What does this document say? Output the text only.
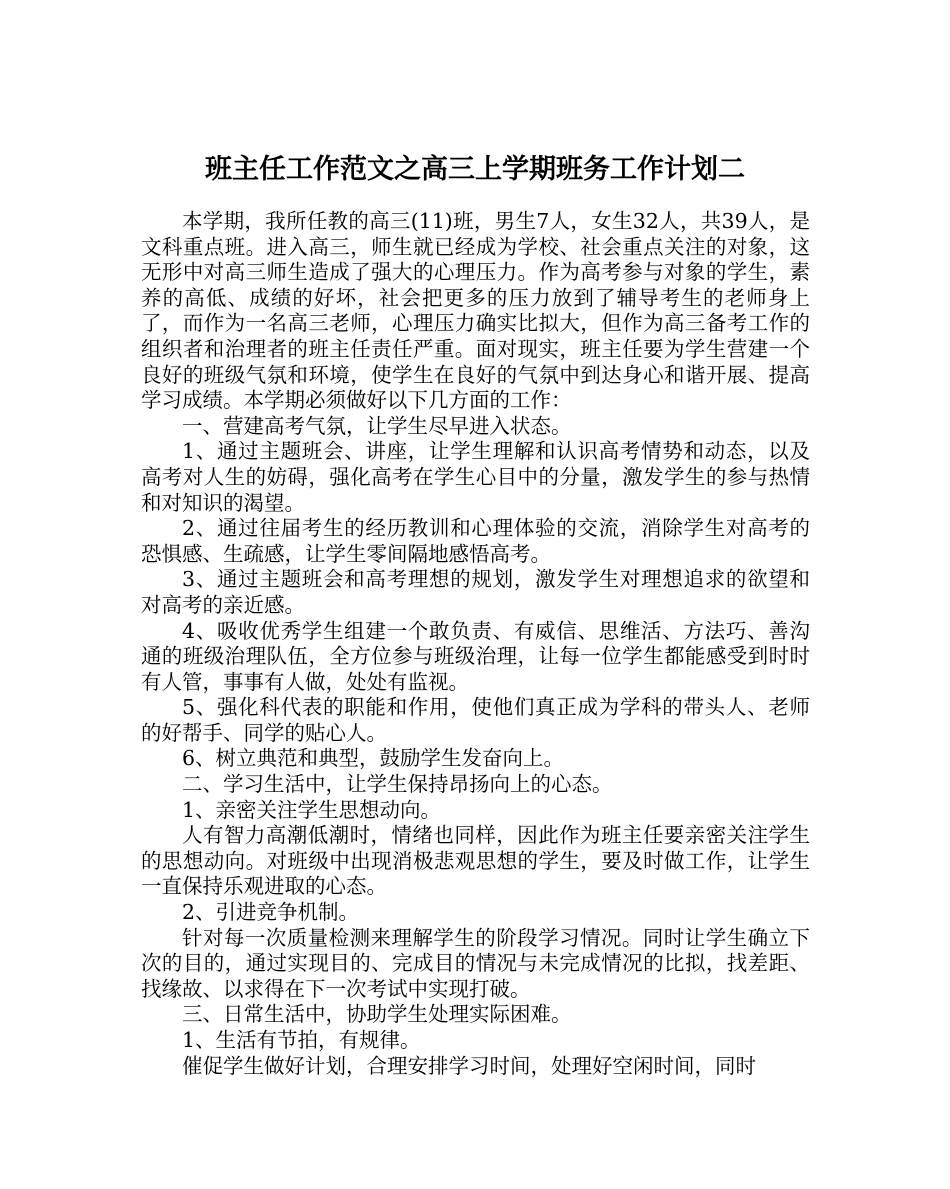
班主任工作范文之高三上学期班务工作计划二

本学期，我所任教的高三(11)班，男生7人，女生32人，共39人，是文科重点班。进入高三，师生就已经成为学校、社会重点关注的对象，这无形中对高三师生造成了强大的心理压力。作为高考参与对象的学生，素养的高低、成绩的好坏，社会把更多的压力放到了辅导考生的老师身上了，而作为一名高三老师，心理压力确实比拟大，但作为高三备考工作的组织者和治理者的班主任责任严重。面对现实，班主任要为学生营建一个良好的班级气氛和环境，使学生在良好的气氛中到达身心和谐开展、提高学习成绩。本学期必须做好以下几方面的工作：

一、营建高考气氛，让学生尽早进入状态。

1、通过主题班会、讲座，让学生理解和认识高考情势和动态，以及高考对人生的妨碍，强化高考在学生心目中的分量，激发学生的参与热情和对知识的渴望。

2、通过往届考生的经历教训和心理体验的交流，消除学生对高考的恐惧感、生疏感，让学生零间隔地感悟高考。

3、通过主题班会和高考理想的规划，激发学生对理想追求的欲望和对高考的亲近感。

4、吸收优秀学生组建一个敢负责、有威信、思维活、方法巧、善沟通的班级治理队伍，全方位参与班级治理，让每一位学生都能感受到时时有人管，事事有人做，处处有监视。

5、强化科代表的职能和作用，使他们真正成为学科的带头人、老师的好帮手、同学的贴心人。

6、树立典范和典型，鼓励学生发奋向上。

二、学习生活中，让学生保持昂扬向上的心态。

1、亲密关注学生思想动向。

人有智力高潮低潮时，情绪也同样，因此作为班主任要亲密关注学生的思想动向。对班级中出现消极悲观思想的学生，要及时做工作，让学生一直保持乐观进取的心态。

2、引进竞争机制。

针对每一次质量检测来理解学生的阶段学习情况。同时让学生确立下次的目的，通过实现目的、完成目的情况与未完成情况的比拟，找差距、找缘故、以求得在下一次考试中实现打破。

三、日常生活中，协助学生处理实际困难。

1、生活有节拍，有规律。

催促学生做好计划，合理安排学习时间，处理好空闲时间，同时
